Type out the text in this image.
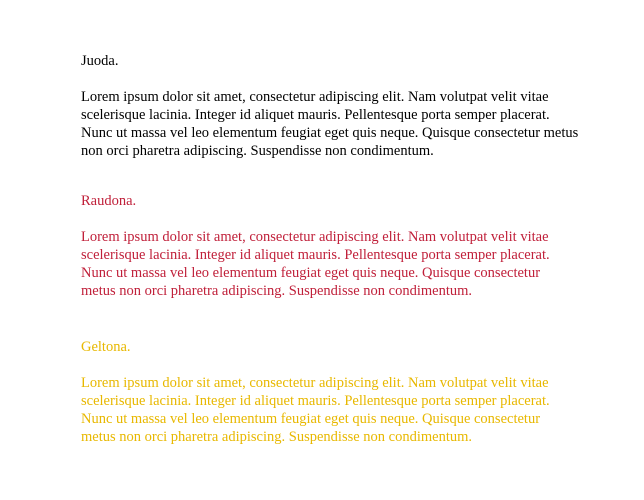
Juoda.

Lorem ipsum dolor sit amet, consectetur adipiscing elit. Nam volutpat velit vitae scelerisque lacinia. Integer id aliquet mauris. Pellentesque porta semper placerat. Nunc ut massa vel leo elementum feugiat eget quis neque. Quisque consectetur metus non orci pharetra adipiscing. Suspendisse non condimentum.

Raudona.

Lorem ipsum dolor sit amet, consectetur adipiscing elit. Nam volutpat velit vitae scelerisque lacinia. Integer id aliquet mauris. Pellentesque porta semper placerat. Nunc ut massa vel leo elementum feugiat eget quis neque. Quisque consectetur metus non orci pharetra adipiscing. Suspendisse non condimentum.

Geltona.

Lorem ipsum dolor sit amet, consectetur adipiscing elit. Nam volutpat velit vitae scelerisque lacinia. Integer id aliquet mauris. Pellentesque porta semper placerat. Nunc ut massa vel leo elementum feugiat eget quis neque. Quisque consectetur metus non orci pharetra adipiscing. Suspendisse non condimentum.
